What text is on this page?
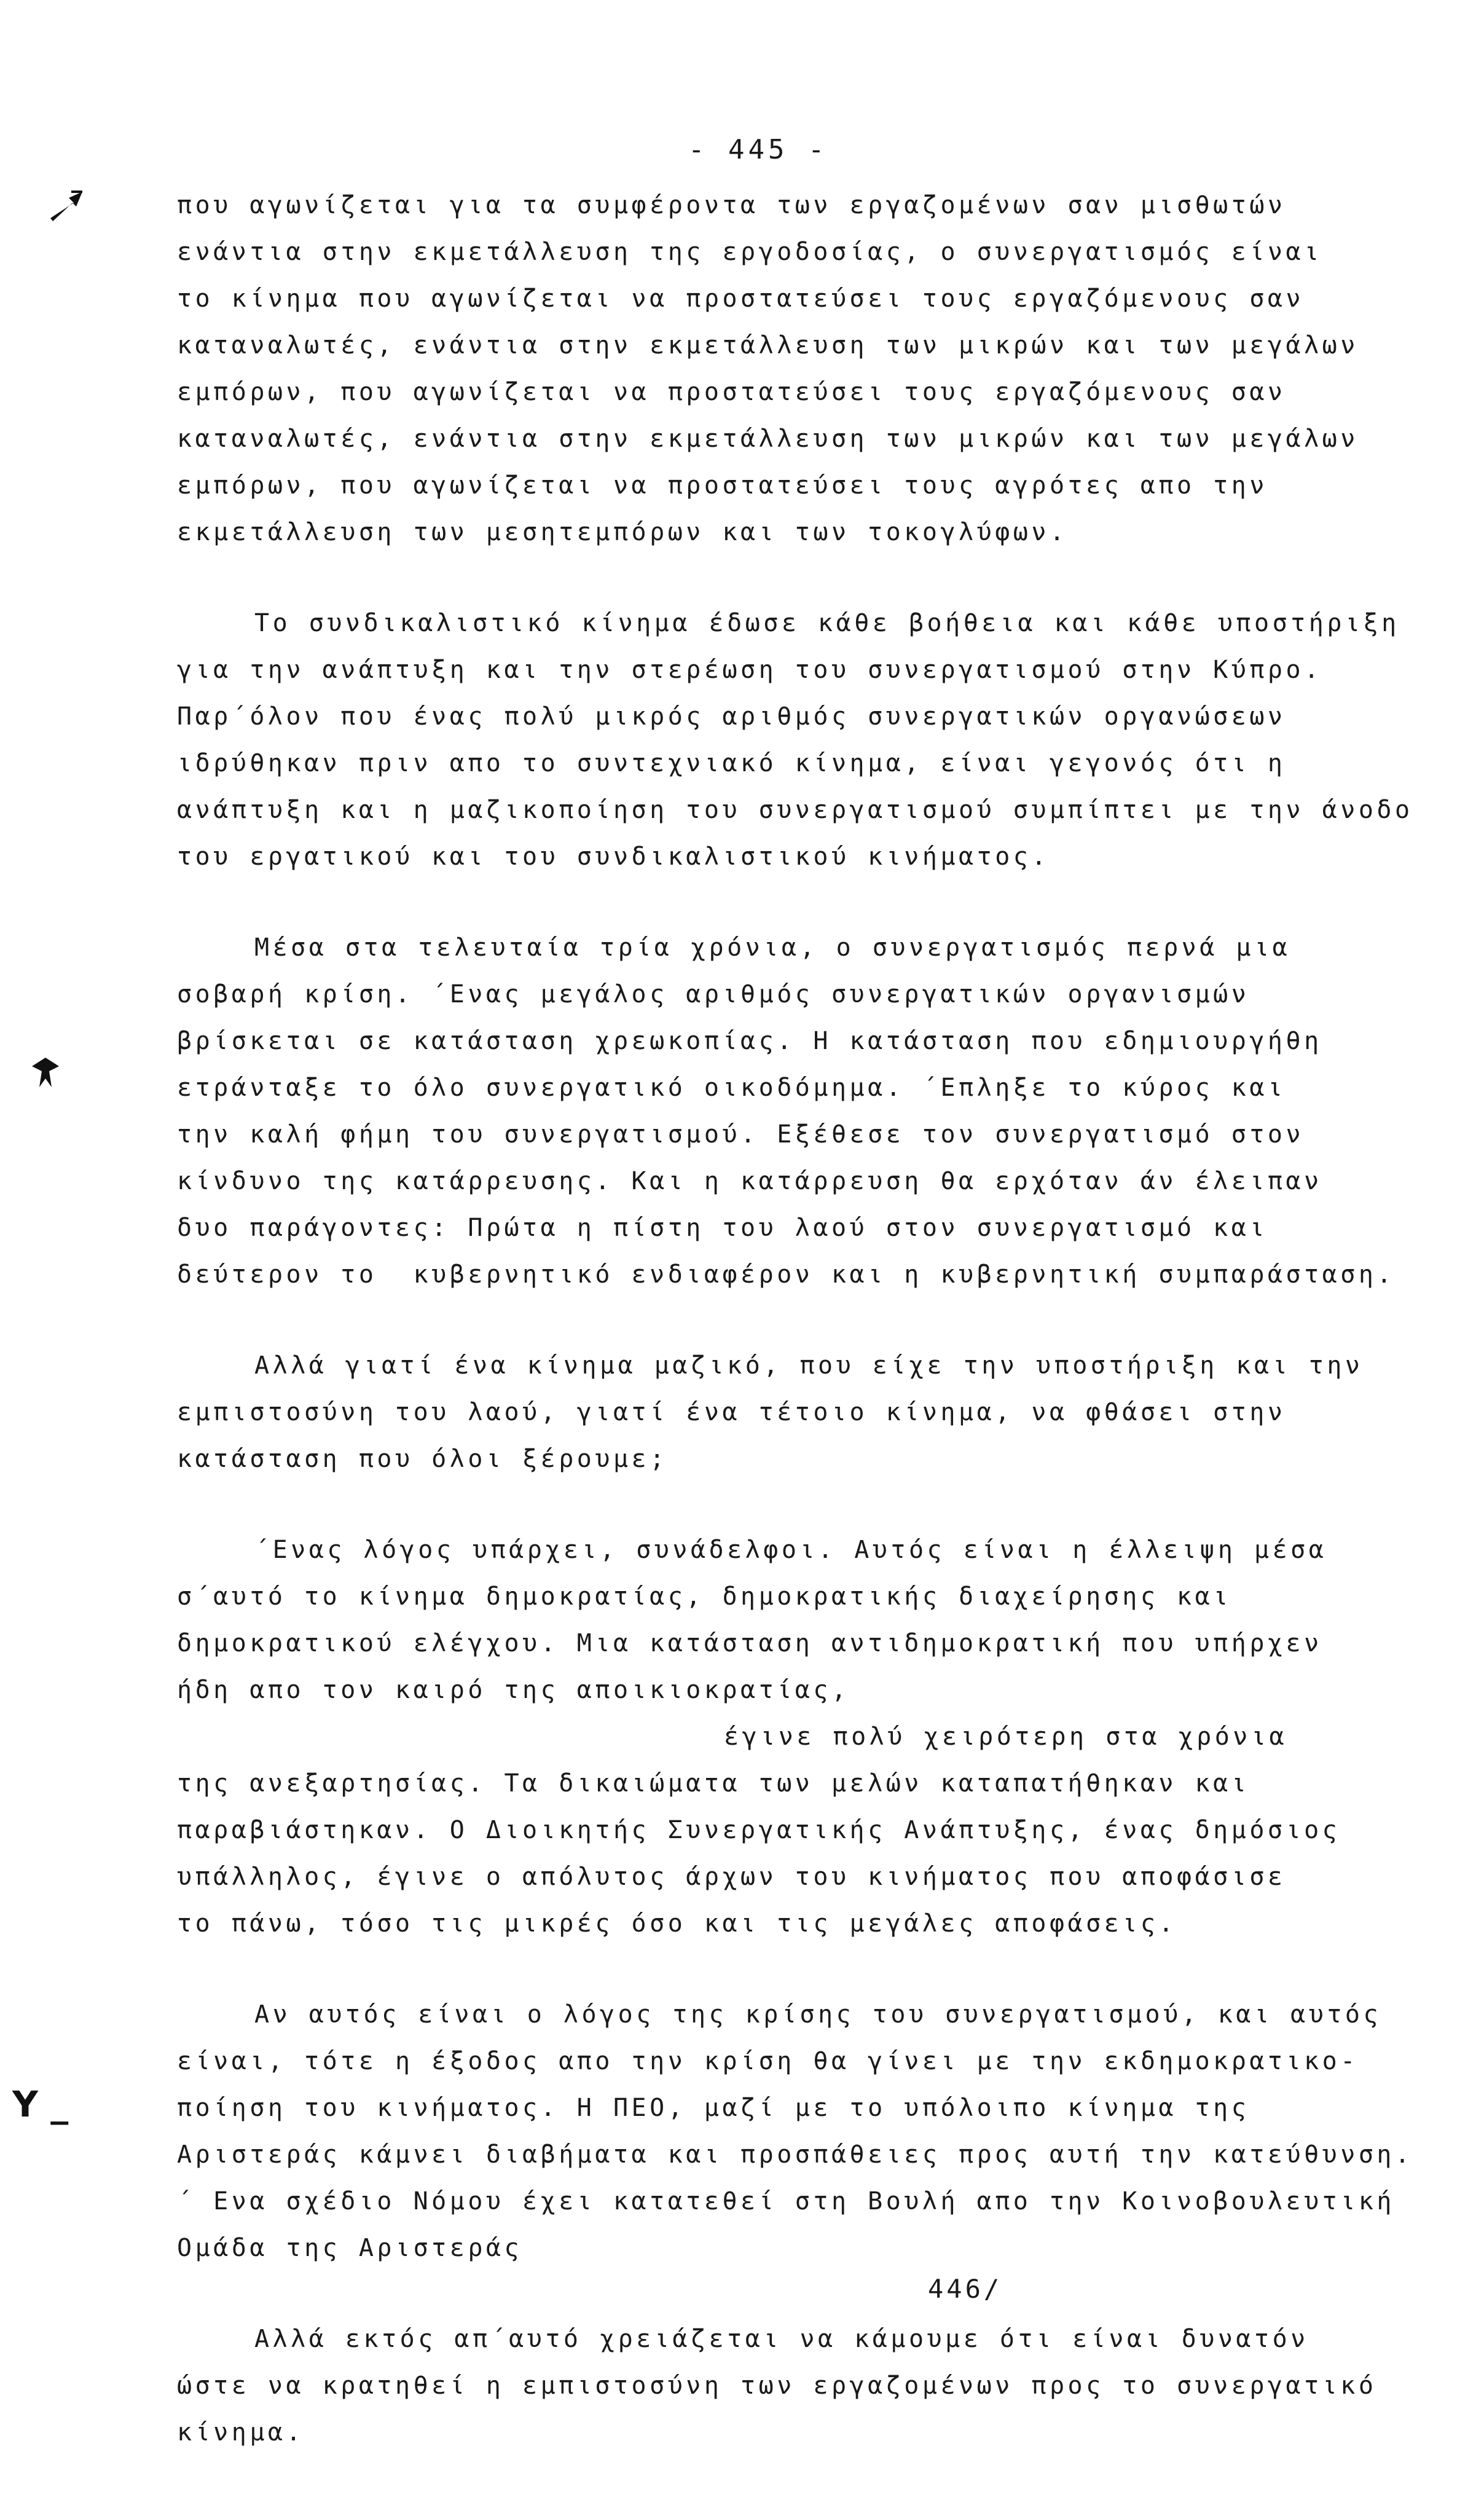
- 445 -
Y _
που αγωνίζεται για τα συμφέροντα των εργαζομένων σαν μισθωτών
ενάντια στην εκμετάλλευση της εργοδοσίας, ο συνεργατισμός είναι
το κίνημα που αγωνίζεται να προστατεύσει τους εργαζόμενους σαν
καταναλωτές, ενάντια στην εκμετάλλευση των μικρών και των μεγάλων
εμπόρων, που αγωνίζεται να προστατεύσει τους εργαζόμενους σαν
καταναλωτές, ενάντια στην εκμετάλλευση των μικρών και των μεγάλων
εμπόρων, που αγωνίζεται να προστατεύσει τους αγρότες απο την
εκμετάλλευση των μεσητεμπόρων και των τοκογλύφων.
Το συνδικαλιστικό κίνημα έδωσε κάθε βοήθεια και κάθε υποστήριξη
για την ανάπτυξη και την στερέωση του συνεργατισμού στην Κύπρο.
Παρ΄όλον που ένας πολύ μικρός αριθμός συνεργατικών οργανώσεων
ιδρύθηκαν πριν απο το συντεχνιακό κίνημα, είναι γεγονός ότι η
ανάπτυξη και η μαζικοποίηση του συνεργατισμού συμπίπτει με την άνοδο
του εργατικού και του συνδικαλιστικού κινήματος.
Μέσα στα τελευταία τρία χρόνια, ο συνεργατισμός περνά μια
σοβαρή κρίση. ΄Ενας μεγάλος αριθμός συνεργατικών οργανισμών
βρίσκεται σε κατάσταση χρεωκοπίας. Η κατάσταση που εδημιουργήθη
ετράνταξε το όλο συνεργατικό οικοδόμημα. ΄Επληξε το κύρος και
την καλή φήμη του συνεργατισμού. Εξέθεσε τον συνεργατισμό στον
κίνδυνο της κατάρρευσης. Και η κατάρρευση θα ερχόταν άν έλειπαν
δυο παράγοντες: Πρώτα η πίστη του λαού στον συνεργατισμό και
δεύτερον το  κυβερνητικό ενδιαφέρον και η κυβερνητική συμπαράσταση.
Αλλά γιατί ένα κίνημα μαζικό, που είχε την υποστήριξη και την
εμπιστοσύνη του λαού, γιατί ένα τέτοιο κίνημα, να φθάσει στην
κατάσταση που όλοι ξέρουμε;
΄Ενας λόγος υπάρχει, συνάδελφοι. Αυτός είναι η έλλειψη μέσα
σ΄αυτό το κίνημα δημοκρατίας, δημοκρατικής διαχείρησης και
δημοκρατικού ελέγχου. Μια κατάσταση αντιδημοκρατική που υπήρχεν
ήδη απο τον καιρό της αποικιοκρατίας,
έγινε πολύ χειρότερη στα χρόνια
της ανεξαρτησίας. Τα δικαιώματα των μελών καταπατήθηκαν και
παραβιάστηκαν. Ο Διοικητής Συνεργατικής Ανάπτυξης, ένας δημόσιος
υπάλληλος, έγινε ο απόλυτος άρχων του κινήματος που αποφάσισε
το πάνω, τόσο τις μικρές όσο και τις μεγάλες αποφάσεις.
Αν αυτός είναι ο λόγος της κρίσης του συνεργατισμού, και αυτός
είναι, τότε η έξοδος απο την κρίση θα γίνει με την εκδημοκρατικο-
ποίηση του κινήματος. Η ΠΕΟ, μαζί με το υπόλοιπο κίνημα της
Αριστεράς κάμνει διαβήματα και προσπάθειες προς αυτή την κατεύθυνση.
΄ Ενα σχέδιο Νόμου έχει κατατεθεί στη Βουλή απο την Κοινοβουλευτική
Ομάδα της Αριστεράς
Αλλά εκτός απ΄αυτό χρειάζεται να κάμουμε ότι είναι δυνατόν
ώστε να κρατηθεί η εμπιστοσύνη των εργαζομένων προς το συνεργατικό
κίνημα.
446/
